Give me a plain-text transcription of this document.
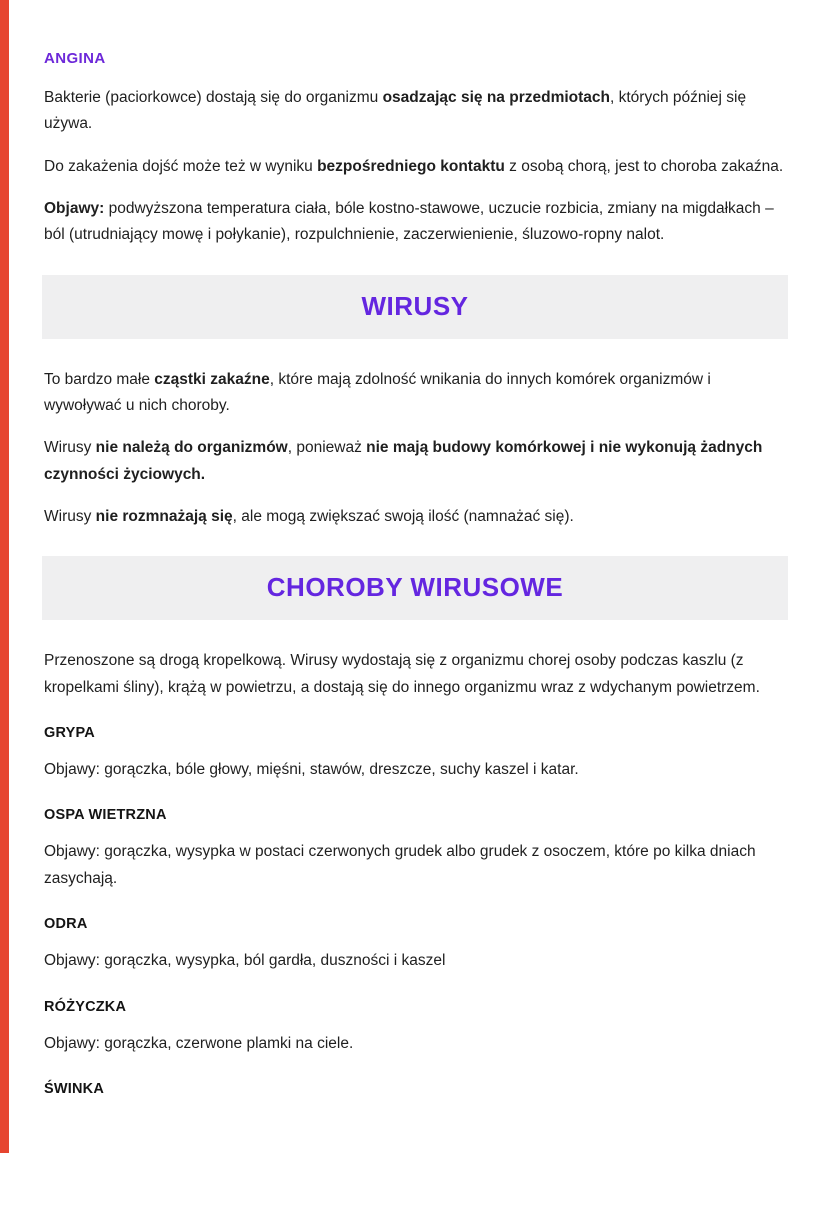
ANGINA

Bakterie (paciorkowce) dostają się do organizmu osadzając się na przedmiotach, których później się używa.

Do zakażenia dojść może też w wyniku bezpośredniego kontaktu z osobą chorą, jest to choroba zakaźna.

Objawy: podwyższona temperatura ciała, bóle kostno-stawowe, uczucie rozbicia, zmiany na migdałkach – ból (utrudniający mowę i połykanie), rozpulchnienie, zaczerwienienie, śluzowo-ropny nalot.

WIRUSY

To bardzo małe cząstki zakaźne, które mają zdolność wnikania do innych komórek organizmów i wywoływać u nich choroby.

Wirusy nie należą do organizmów, ponieważ nie mają budowy komórkowej i nie wykonują żadnych czynności życiowych.

Wirusy nie rozmnażają się, ale mogą zwiększać swoją ilość (namnażać się).

CHOROBY WIRUSOWE

Przenoszone są drogą kropelkową. Wirusy wydostają się z organizmu chorej osoby podczas kaszlu (z kropelkami śliny), krążą w powietrzu, a dostają się do innego organizmu wraz z wdychanym powietrzem.

GRYPA

Objawy: gorączka, bóle głowy, mięśni, stawów, dreszcze, suchy kaszel i katar.

OSPA WIETRZNA

Objawy: gorączka, wysypka w postaci czerwonych grudek albo grudek z osoczem, które po kilka dniach zasychają.

ODRA

Objawy: gorączka, wysypka, ból gardła, duszności i kaszel

RÓŻYCZKA

Objawy: gorączka, czerwone plamki na ciele.

ŚWINKA
